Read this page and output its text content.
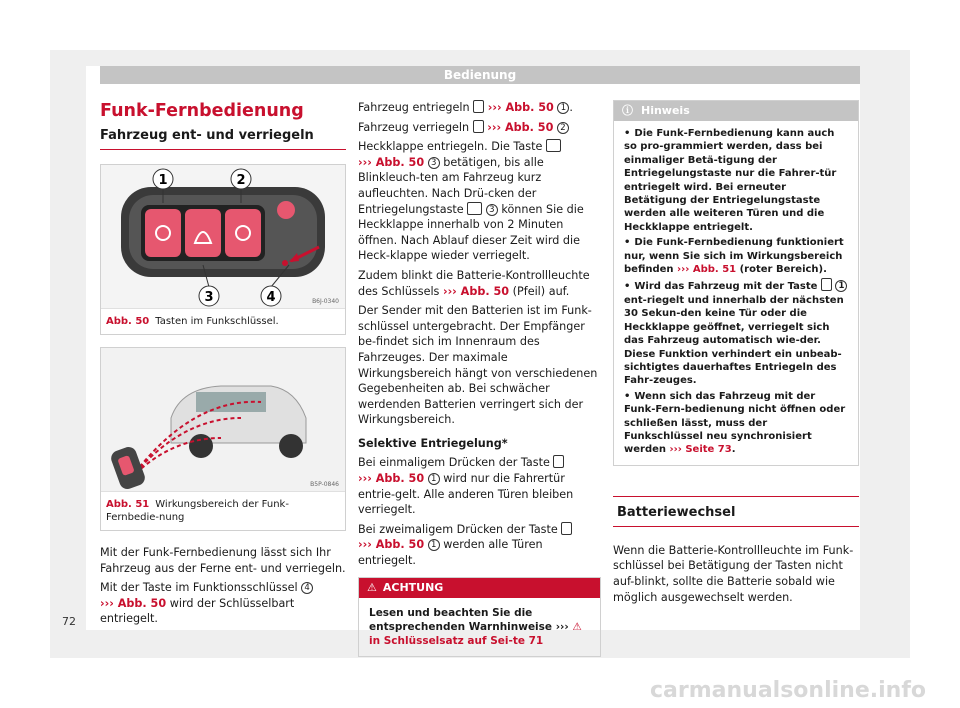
Bedienung
Funk-Fernbedienung
Fahrzeug ent- und verriegeln
1	2
3	4	B6J-0340
Abb. 50 Tasten im Funkschlüssel.
B5P-0846
Abb. 51 Wirkungsbereich der Funk-Fernbedie-nung

Mit der Funk-Fernbedienung lässt sich Ihr Fahrzeug aus der Ferne ent- und verriegeln.

Mit der Taste im Funktionsschlüssel 4
››› Abb. 50 wird der Schlüsselbart entriegelt.

Fahrzeug entriegeln ››› Abb. 50 1 .

Fahrzeug verriegeln ››› Abb. 50 2

Heckklappe entriegeln. Die Taste
››› Abb. 50 3 betätigen, bis alle Blinkleuch-ten am Fahrzeug kurz aufleuchten. Nach Drü-cken der Entriegelungstaste	3 können Sie die Heckklappe innerhalb von 2 Minuten öffnen. Nach Ablauf dieser Zeit wird die Heck-klappe wieder verriegelt.

Zudem blinkt die Batterie-Kontrollleuchte des Schlüssels ››› Abb. 50 (Pfeil) auf.

Der Sender mit den Batterien ist im Funk-schlüssel untergebracht. Der Empfänger be-findet sich im Innenraum des Fahrzeuges. Der maximale Wirkungsbereich hängt von verschiedenen Gegebenheiten ab. Bei schwächer werdenden Batterien verringert sich der Wirkungsbereich.

Selektive Entriegelung*

Bei einmaligem Drücken der Taste
››› Abb. 50 1 wird nur die Fahrertür entrie-gelt. Alle anderen Türen bleiben verriegelt.

Bei zweimaligem Drücken der Taste
››› Abb. 50 1 werden alle Türen entriegelt.

⚠ ACHTUNG
Lesen und beachten Sie die entsprechenden Warnhinweise ››› ⚠ in Schlüsselsatz auf Sei-te 71
ⓘ Hinweis
• Die Funk-Fernbedienung kann auch so pro-grammiert werden, dass bei einmaliger Betä-tigung der Entriegelungstaste nur die Fahrer-tür entriegelt wird. Bei erneuter Betätigung der Entriegelungstaste werden alle weiteren Türen und die Heckklappe entriegelt.
• Die Funk-Fernbedienung funktioniert nur, wenn Sie sich im Wirkungsbereich befinden ››› Abb. 51 (roter Bereich).
• Wird das Fahrzeug mit der Taste 1 ent-riegelt und innerhalb der nächsten 30 Sekun-den keine Tür oder die Heckklappe geöffnet, verriegelt sich das Fahrzeug automatisch wie-der. Diese Funktion verhindert ein unbeab-sichtigtes dauerhaftes Entriegeln des Fahr-zeuges.
• Wenn sich das Fahrzeug mit der Funk-Fern-bedienung nicht öffnen oder schließen lässt, muss der Funkschlüssel neu synchronisiert werden ››› Seite 73.
Batteriewechsel

Wenn die Batterie-Kontrollleuchte im Funk-schlüssel bei Betätigung der Tasten nicht auf-blinkt, sollte die Batterie sobald wie möglich ausgewechselt werden.

72
carmanualsonline.info
